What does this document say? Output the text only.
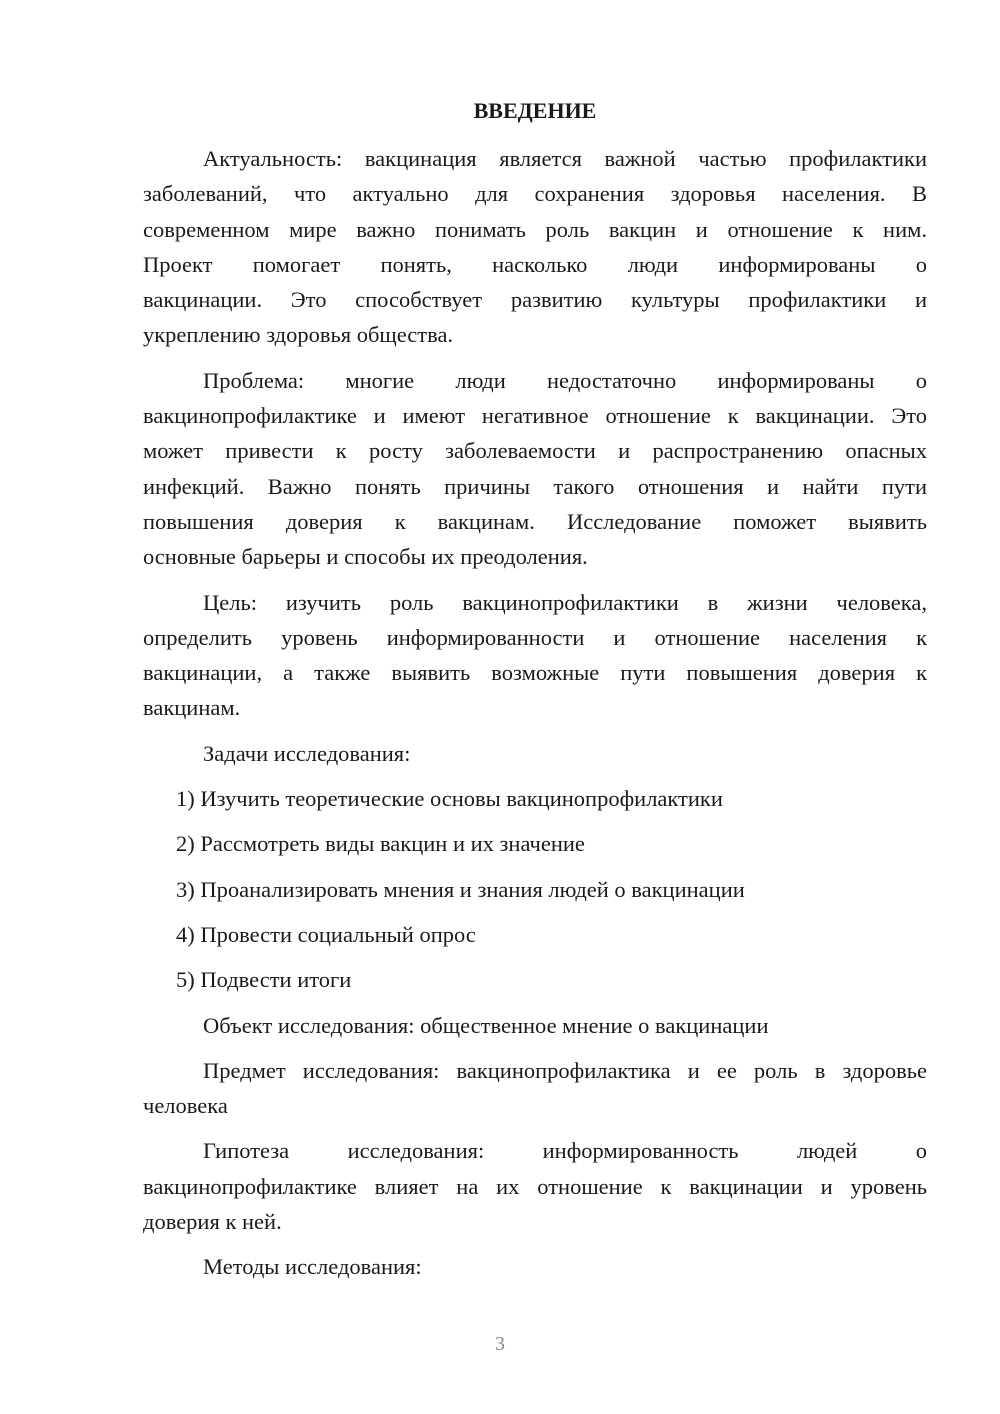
ВВЕДЕНИЕ
Актуальность: вакцинация является важной частью профилактики
заболеваний, что актуально для сохранения здоровья населения. В
современном мире важно понимать роль вакцин и отношение к ним.
Проект помогает понять, насколько люди информированы о
вакцинации. Это способствует развитию культуры профилактики и
укреплению здоровья общества.
Проблема: многие люди недостаточно информированы о
вакцинопрофилактике и имеют негативное отношение к вакцинации. Это
может привести к росту заболеваемости и распространению опасных
инфекций. Важно понять причины такого отношения и найти пути
повышения доверия к вакцинам. Исследование поможет выявить
основные барьеры и способы их преодоления.
Цель: изучить роль вакцинопрофилактики в жизни человека,
определить уровень информированности и отношение населения к
вакцинации, а также выявить возможные пути повышения доверия к
вакцинам.
Задачи исследования:
1) Изучить теоретические основы вакцинопрофилактики
2) Рассмотреть виды вакцин и их значение
3) Проанализировать мнения и знания людей о вакцинации
4) Провести социальный опрос
5) Подвести итоги
Объект исследования: общественное мнение о вакцинации
Предмет исследования: вакцинопрофилактика и ее роль в здоровье
человека
Гипотеза исследования: информированность людей о
вакцинопрофилактике влияет на их отношение к вакцинации и уровень
доверия к ней.
Методы исследования:
3
